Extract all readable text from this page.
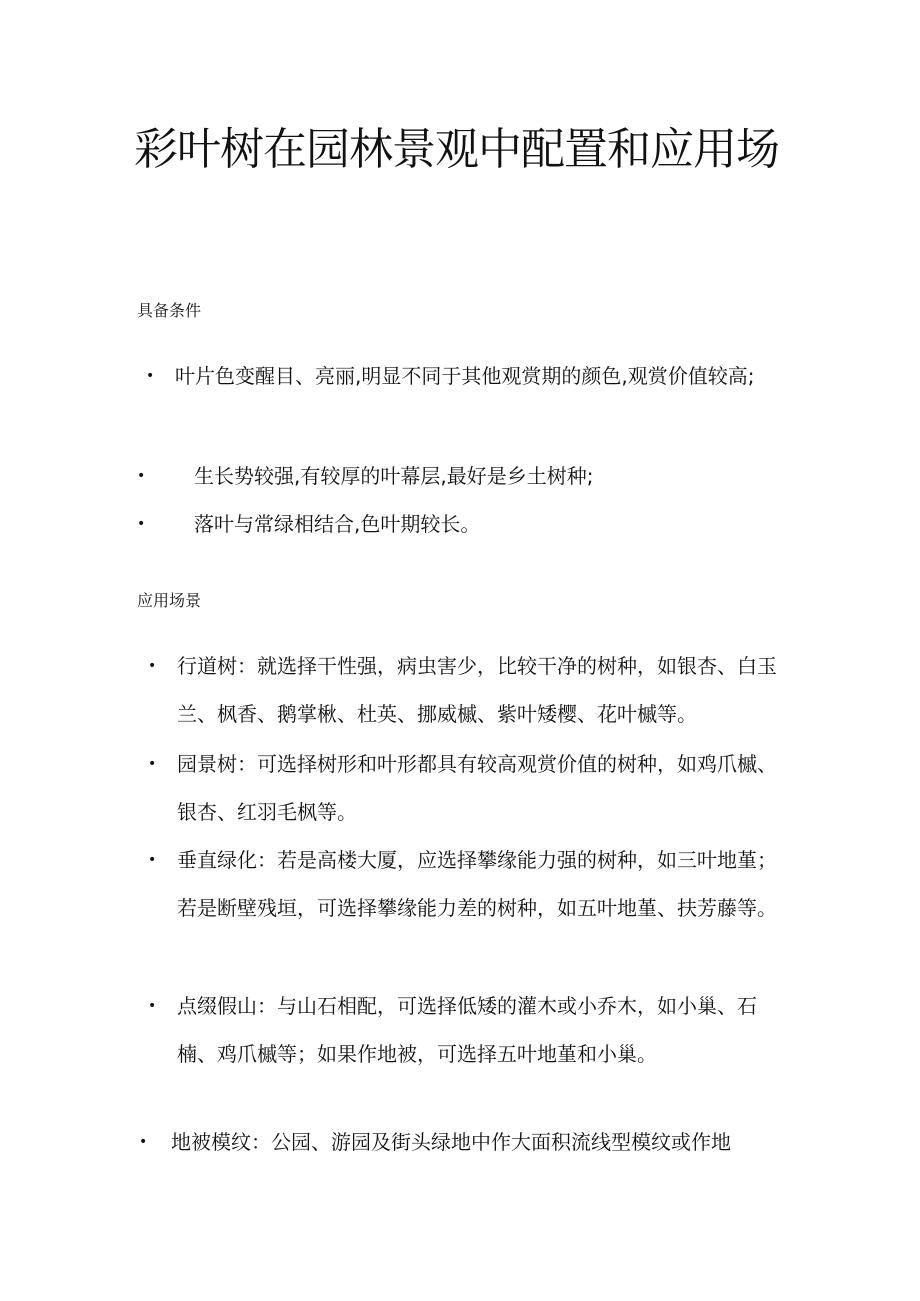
彩叶树在园林景观中配置和应用场
具备条件
• 叶片色变醒目、亮丽,明显不同于其他观赏期的颜色,观赏价值较高;
• 生长势较强,有较厚的叶幕层,最好是乡土树种;
• 落叶与常绿相结合,色叶期较长。
应用场景
• 行道树：就选择干性强，病虫害少，比较干净的树种，如银杏、白玉兰、枫香、鹅掌楸、杜英、挪威槭、紫叶矮樱、花叶槭等。
• 园景树：可选择树形和叶形都具有较高观赏价值的树种，如鸡爪槭、银杏、红羽毛枫等。
• 垂直绿化：若是高楼大厦，应选择攀缘能力强的树种，如三叶地堇；若是断壁残垣，可选择攀缘能力差的树种，如五叶地堇、扶芳藤等。
• 点缀假山：与山石相配，可选择低矮的灌木或小乔木，如小巢、石楠、鸡爪槭等；如果作地被，可选择五叶地堇和小巢。
• 地被模纹：公园、游园及街头绿地中作大面积流线型模纹或作地
